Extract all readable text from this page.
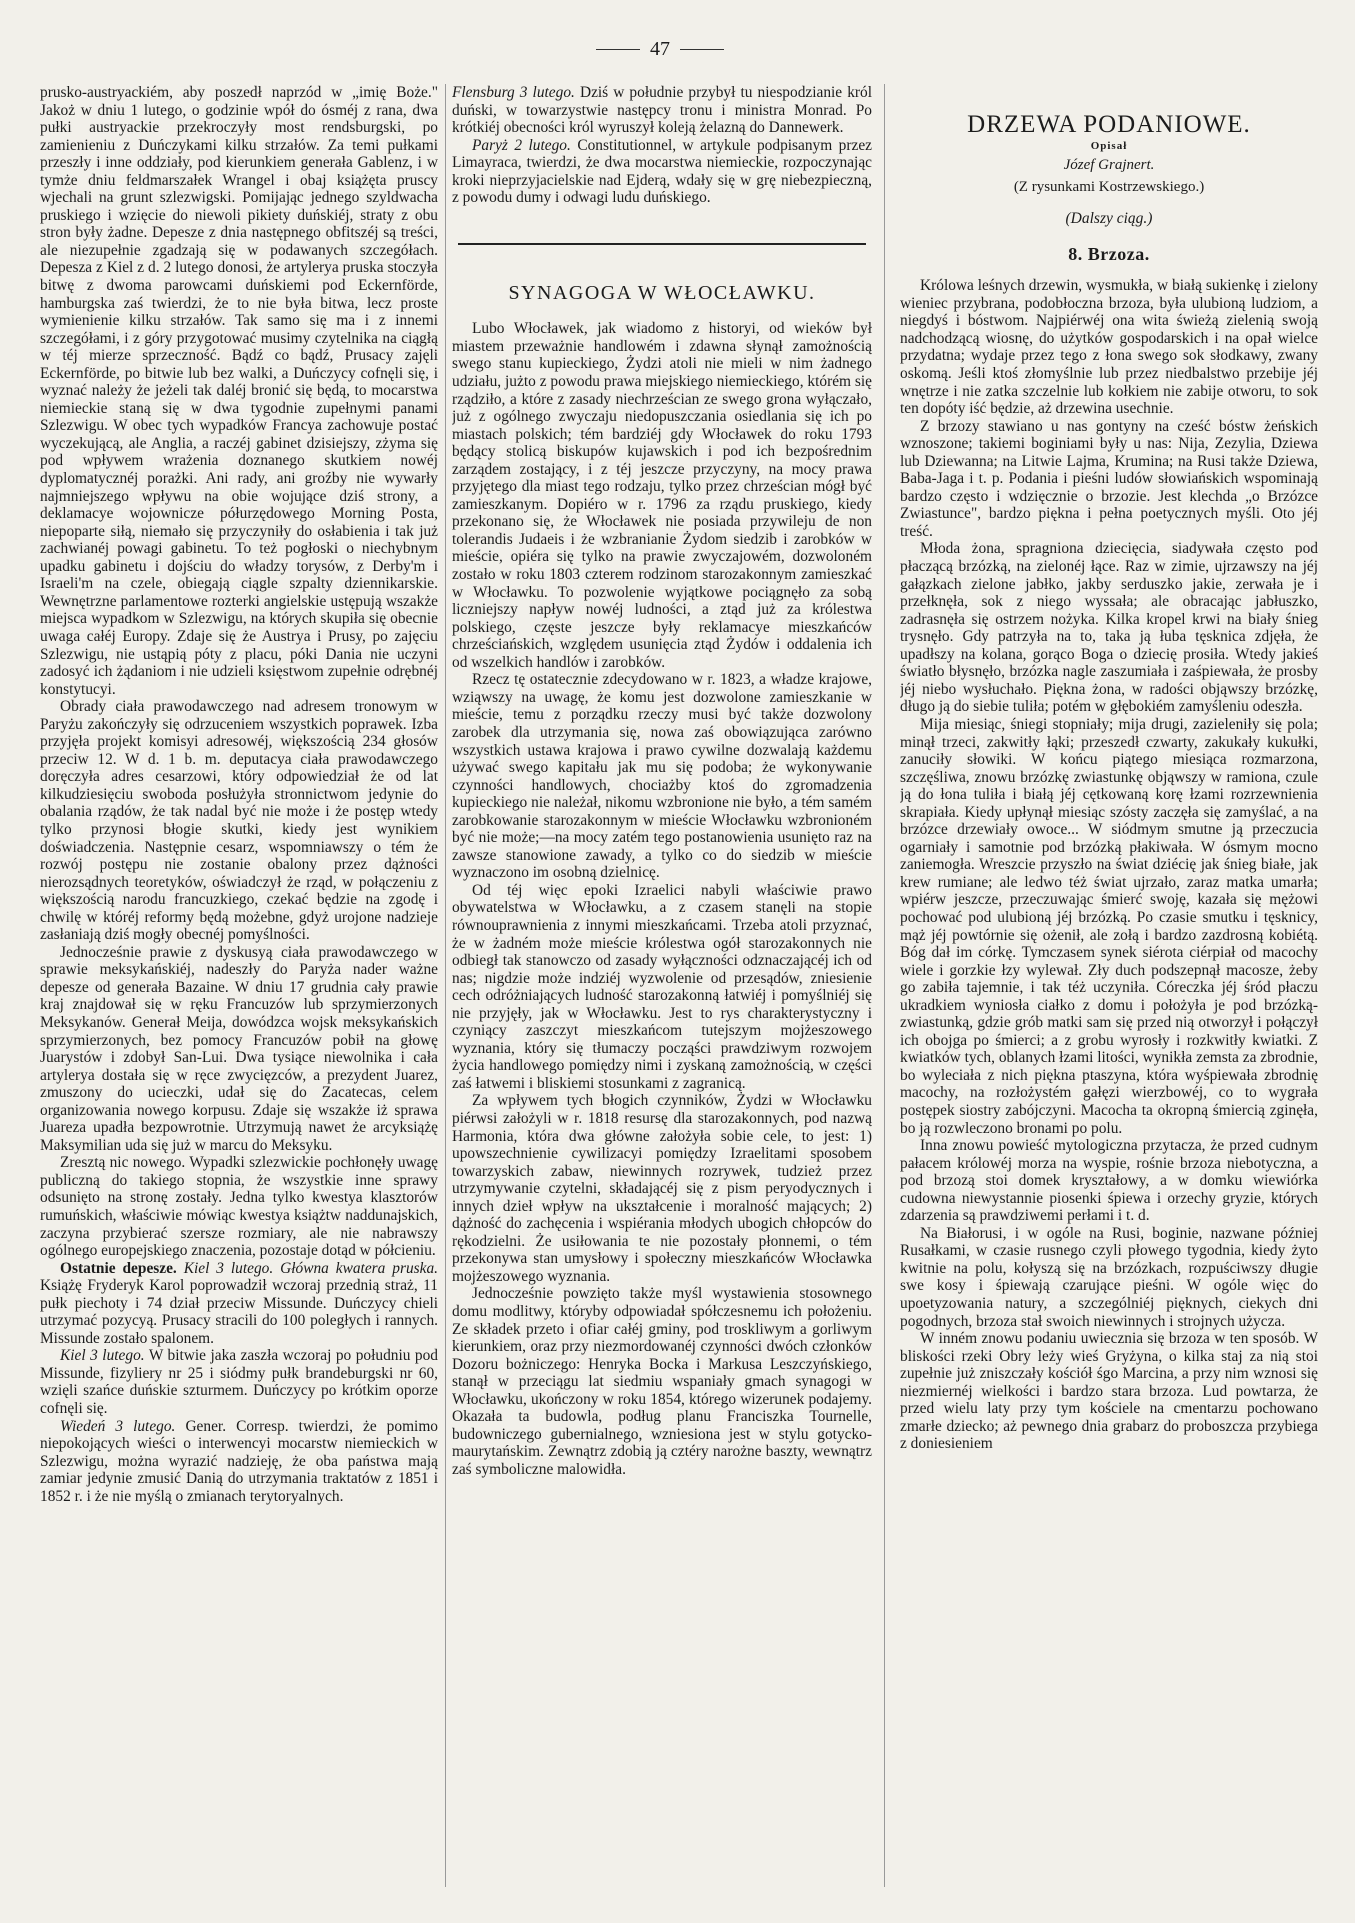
47

prusko-austryackiém, aby poszedł naprzód w „imię Boże." Jakoż w dniu 1 lutego, o godzinie wpół do ósméj z rana, dwa pułki austryackie przekroczyły most rendsburgski, po zamienieniu z Duńczykami kilku strzałów. Za temi pułkami przeszły i inne oddziały, pod kierunkiem generała Gablenz, i w tymże dniu feldmarszałek Wrangel i obaj książęta pruscy wjechali na grunt szlezwigski. Pomijając jednego szyldwacha pruskiego i wzięcie do niewoli pikiety duńskiéj, straty z obu stron były żadne. Depesze z dnia następnego obfitszéj są treści, ale niezupełnie zgadzają się w podawanych szczegółach. Depesza z Kiel z d. 2 lutego donosi, że artylerya pruska stoczyła bitwę z dwoma parowcami duńskiemi pod Eckernförde, hamburgska zaś twierdzi, że to nie była bitwa, lecz proste wymienienie kilku strzałów. Tak samo się ma i z innemi szczegółami, i z góry przygotować musimy czytelnika na ciągłą w téj mierze sprzeczność. Bądź co bądź, Prusacy zajęli Eckernförde, po bitwie lub bez walki, a Duńczycy cofnęli się, i wyznać należy że jeżeli tak daléj bronić się będą, to mocarstwa niemieckie staną się w dwa tygodnie zupełnymi panami Szlezwigu. W obec tych wypadków Francya zachowuje postać wyczekującą, ale Anglia, a raczéj gabinet dzisiejszy, zżyma się pod wpływem wrażenia doznanego skutkiem nowéj dyplomatycznéj porażki. Ani rady, ani groźby nie wywarły najmniejszego wpływu na obie wojujące dziś strony, a deklamacye wojownicze półurzędowego Morning Posta, niepoparte siłą, niemało się przyczyniły do osłabienia i tak już zachwianéj powagi gabinetu. To też pogłoski o niechybnym upadku gabinetu i dojściu do władzy torysów, z Derby'm i Israeli'm na czele, obiegają ciągle szpalty dziennikarskie. Wewnętrzne parlamentowe rozterki angielskie ustępują wszakże miejsca wypadkom w Szlezwigu, na których skupiła się obecnie uwaga całéj Europy. Zdaje się że Austrya i Prusy, po zajęciu Szlezwigu, nie ustąpią póty z placu, póki Dania nie uczyni zadosyć ich żądaniom i nie udzieli księstwom zupełnie odrębnéj konstytucyi.

Obrady ciała prawodawczego nad adresem tronowym w Paryżu zakończyły się odrzuceniem wszystkich poprawek. Izba przyjęła projekt komisyi adresowéj, większością 234 głosów przeciw 12. W d. 1 b. m. deputacya ciała prawodawczego doręczyła adres cesarzowi, który odpowiedział że od lat kilkudziesięciu swoboda posłużyła stronnictwom jedynie do obalania rządów, że tak nadal być nie może i że postęp wtedy tylko przynosi błogie skutki, kiedy jest wynikiem doświadczenia. Następnie cesarz, wspomniawszy o tém że rozwój postępu nie zostanie obalony przez dążności nierozsądnych teoretyków, oświadczył że rząd, w połączeniu z większością narodu francuzkiego, czekać będzie na zgodę i chwilę w któréj reformy będą możebne, gdyż urojone nadzieje zasłaniają dziś mogły obecnéj pomyślności.

Jednocześnie prawie z dyskusyą ciała prawodawczego w sprawie meksykańskiéj, nadeszły do Paryża nader ważne depesze od generała Bazaine. W dniu 17 grudnia cały prawie kraj znajdował się w ręku Francuzów lub sprzymierzonych Meksykanów. Generał Meija, dowódzca wojsk meksykańskich sprzymierzonych, bez pomocy Francuzów pobił na głowę Juarystów i zdobył San-Lui. Dwa tysiące niewolnika i cała artylerya dostała się w ręce zwycięzców, a prezydent Juarez, zmuszony do ucieczki, udał się do Zacatecas, celem organizowania nowego korpusu. Zdaje się wszakże iż sprawa Juareza upadła bezpowrotnie. Utrzymują nawet że arcyksiążę Maksymilian uda się już w marcu do Meksyku.

Zresztą nic nowego. Wypadki szlezwickie pochłonęły uwagę publiczną do takiego stopnia, że wszystkie inne sprawy odsunięto na stronę zostały. Jedna tylko kwestya klasztorów rumuńskich, właściwie mówiąc kwestya książtw naddunajskich, zaczyna przybierać szersze rozmiary, ale nie nabrawszy ogólnego europejskiego znaczenia, pozostaje dotąd w półcieniu.

Ostatnie depesze. Kiel 3 lutego. Główna kwatera pruska. Książę Fryderyk Karol poprowadził wczoraj przednią straż, 11 pułk piechoty i 74 dział przeciw Missunde. Duńczycy chieli utrzymać pozycyą. Prusacy stracili do 100 poległych i rannych. Missunde zostało spalonem.

Kiel 3 lutego. W bitwie jaka zaszła wczoraj po południu pod Missunde, fizyliery nr 25 i siódmy pułk brandeburgski nr 60, wzięli szańce duńskie szturmem. Duńczycy po krótkim oporze cofnęli się.

Wiedeń 3 lutego. Gener. Corresp. twierdzi, że pomimo niepokojących wieści o interwencyi mocarstw niemieckich w Szlezwigu, można wyrazić nadzieję, że oba państwa mają zamiar jedynie zmusić Danią do utrzymania traktatów z 1851 i 1852 r. i że nie myślą o zmianach terytoryalnych.

Flensburg 3 lutego. Dziś w południe przybył tu niespodzianie król duński, w towarzystwie następcy tronu i ministra Monrad. Po krótkiéj obecności król wyruszył koleją żelazną do Dannewerk.

Paryż 2 lutego. Constitutionnel, w artykule podpisanym przez Limayraca, twierdzi, że dwa mocarstwa niemieckie, rozpoczynając kroki nieprzyjacielskie nad Ejderą, wdały się w grę niebezpieczną, z powodu dumy i odwagi ludu duńskiego.

SYNAGOGA W WŁOCŁAWKU.

Lubo Włocławek, jak wiadomo z historyi, od wieków był miastem przeważnie handlowém i zdawna słynął zamożnością swego stanu kupieckiego, Żydzi atoli nie mieli w nim żadnego udziału, jużto z powodu prawa miejskiego niemieckiego, którém się rządziło, a które z zasady niechrześcian ze swego grona wyłączało, już z ogólnego zwyczaju niedopuszczania osiedlania się ich po miastach polskich; tém bardziéj gdy Włocławek do roku 1793 będący stolicą biskupów kujawskich i pod ich bezpośrednim zarządem zostający, i z téj jeszcze przyczyny, na mocy prawa przyjętego dla miast tego rodzaju, tylko przez chrześcian mógł być zamieszkanym. Dopiéro w r. 1796 za rządu pruskiego, kiedy przekonano się, że Włocławek nie posiada przywileju de non tolerandis Judaeis i że wzbranianie Żydom siedzib i zarobków w mieście, opiéra się tylko na prawie zwyczajowém, dozwoloném zostało w roku 1803 czterem rodzinom starozakonnym zamieszkać w Włocławku. To pozwolenie wyjątkowe pociągnęło za sobą liczniejszy napływ nowéj ludności, a ztąd już za królestwa polskiego, częste jeszcze były reklamacye mieszkańców chrześciańskich, względem usunięcia ztąd Żydów i oddalenia ich od wszelkich handlów i zarobków.

Rzecz tę ostatecznie zdecydowano w r. 1823, a władze krajowe, wziąwszy na uwagę, że komu jest dozwolone zamieszkanie w mieście, temu z porządku rzeczy musi być także dozwolony zarobek dla utrzymania się, nowa zaś obowiązująca zarówno wszystkich ustawa krajowa i prawo cywilne dozwalają każdemu używać swego kapitału jak mu się podoba; że wykonywanie czynności handlowych, chociażby ktoś do zgromadzenia kupieckiego nie należał, nikomu wzbronione nie było, a tém samém zarobkowanie starozakonnym w mieście Włocławku wzbronioném być nie może;—na mocy zatém tego postanowienia usunięto raz na zawsze stanowione zawady, a tylko co do siedzib w mieście wyznaczono im osobną dzielnicę.

Od téj więc epoki Izraelici nabyli właściwie prawo obywatelstwa w Włocławku, a z czasem stanęli na stopie równouprawnienia z innymi mieszkańcami. Trzeba atoli przyznać, że w żadném może mieście królestwa ogół starozakonnych nie odbiegł tak stanowczo od zasady wyłączności odznaczającéj ich od nas; nigdzie może indziéj wyzwolenie od przesądów, zniesienie cech odróżniających ludność starozakonną łatwiéj i pomyślniéj się nie przyjęły, jak w Włocławku. Jest to rys charakterystyczny i czyniący zaszczyt mieszkańcom tutejszym mojżeszowego wyznania, który się tłumaczy począści prawdziwym rozwojem życia handlowego pomiędzy nimi i zyskaną zamożnością, w części zaś łatwemi i bliskiemi stosunkami z zagranicą.

Za wpływem tych błogich czynników, Żydzi w Włocławku piérwsi założyli w r. 1818 resursę dla starozakonnych, pod nazwą Harmonia, która dwa główne założyła sobie cele, to jest: 1) upowszechnienie cywilizacyi pomiędzy Izraelitami sposobem towarzyskich zabaw, niewinnych rozrywek, tudzież przez utrzymywanie czytelni, składającéj się z pism peryodycznych i innych dzieł wpływ na ukształcenie i moralność mających; 2) dążność do zachęcenia i wspiérania młodych ubogich chłopców do rękodzielni. Że usiłowania te nie pozostały płonnemi, o tém przekonywa stan umysłowy i społeczny mieszkańców Włocławka mojżeszowego wyznania.

Jednocześnie powzięto także myśl wystawienia stosownego domu modlitwy, któryby odpowiadał spółczesnemu ich położeniu. Ze składek przeto i ofiar całéj gminy, pod troskliwym a gorliwym kierunkiem, oraz przy niezmordowanéj czynności dwóch członków Dozoru bożniczego: Henryka Bocka i Markusa Leszczyńskiego, stanął w przeciągu lat siedmiu wspaniały gmach synagogi w Włocławku, ukończony w roku 1854, którego wizerunek podajemy. Okazała ta budowla, podług planu Franciszka Tournelle, budowniczego gubernialnego, wzniesiona jest w stylu gotycko-maurytańskim. Zewnątrz zdobią ją cztéry narożne baszty, wewnątrz zaś symboliczne malowidła.

DRZEWA PODANIOWE.
Opisał
Józef Grajnert.
(Z rysunkami Kostrzewskiego.)
(Dalszy ciąg.)
8. Brzoza.

Królowa leśnych drzewin, wysmukła, w białą sukienkę i zielony wieniec przybrana, podobłoczna brzoza, była ulubioną ludziom, a niegdyś i bóstwom. Najpiérwéj ona wita świeżą zielenią swoją nadchodzącą wiosnę, do użytków gospodarskich i na opał wielce przydatna; wydaje przez tego z łona swego sok słodkawy, zwany oskomą. Jeśli ktoś złomyślnie lub przez niedbalstwo przebije jéj wnętrze i nie zatka szczelnie lub kołkiem nie zabije otworu, to sok ten dopóty iść będzie, aż drzewina usechnie.

Z brzozy stawiano u nas gontyny na cześć bóstw żeńskich wznoszone; takiemi boginiami były u nas: Nija, Zezylia, Dziewa lub Dziewanna; na Litwie Lajma, Krumina; na Rusi także Dziewa, Baba-Jaga i t. p. Podania i pieśni ludów słowiańskich wspominają bardzo często i wdzięcznie o brzozie. Jest klechda „o Brzózce Zwiastunce", bardzo piękna i pełna poetycznych myśli. Oto jéj treść.

Młoda żona, spragniona dziecięcia, siadywała często pod płaczącą brzózką, na zielonéj łące. Raz w zimie, ujrzawszy na jéj gałązkach zielone jabłko, jakby serduszko jakie, zerwała je i przełknęła, sok z niego wyssała; ale obracając jabłuszko, zadrasnęła się ostrzem nożyka. Kilka kropel krwi na biały śnieg trysnęło. Gdy patrzyła na to, taka ją łuba tęsknica zdjęła, że upadłszy na kolana, gorąco Boga o dziecię prosiła. Wtedy jakieś światło błysnęło, brzózka nagle zaszumiała i zaśpiewała, że prosby jéj niebo wysłuchało. Piękna żona, w radości objąwszy brzózkę, długo ją do siebie tuliła; potém w głębokiém zamyśleniu odeszła.

Mija miesiąc, śniegi stopniały; mija drugi, zazieleniły się pola; minął trzeci, zakwitły łąki; przeszedł czwarty, zakukały kukułki, zanuciły słowiki. W końcu piątego miesiąca rozmarzona, szczęśliwa, znowu brzózkę zwiastunkę objąwszy w ramiona, czule ją do łona tuliła i białą jéj cętkowaną korę łzami rozrzewnienia skrapiała. Kiedy upłynął miesiąc szósty zaczęła się zamyślać, a na brzózce drzewiały owoce... W siódmym smutne ją przeczucia ogarniały i samotnie pod brzózką płakiwała. W ósmym mocno zaniemogła. Wreszcie przyszło na świat dziécię jak śnieg białe, jak krew rumiane; ale ledwo téż świat ujrzało, zaraz matka umarła; wpiérw jeszcze, przeczuwając śmierć swoję, kazała się mężowi pochować pod ulubioną jéj brzózką. Po czasie smutku i tęsknicy, mąż jéj powtórnie się ożenił, ale zołą i bardzo zazdrosną kobiétą. Bóg dał im córkę. Tymczasem synek siérota ciérpiał od macochy wiele i gorzkie łzy wylewał. Zły duch podszepnął macosze, żeby go zabiła tajemnie, i tak téż uczyniła. Córeczka jéj śród płaczu ukradkiem wyniosła ciałko z domu i położyła je pod brzózką-zwiastunką, gdzie grób matki sam się przed nią otworzył i połączył ich obojga po śmierci; a z grobu wyrosły i rozkwitły kwiatki. Z kwiatków tych, oblanych łzami litości, wynikła zemsta za zbrodnie, bo wyleciała z nich piękna ptaszyna, która wyśpiewała zbrodnię macochy, na rozłożystém gałęzi wierzbowéj, co to wygrała postępek siostry zabójczyni. Macocha ta okropną śmiercią zginęła, bo ją rozwleczono bronami po polu.

Inna znowu powieść mytologiczna przytacza, że przed cudnym pałacem królowéj morza na wyspie, rośnie brzoza niebotyczna, a pod brzozą stoi domek kryształowy, a w domku wiewiórka cudowna niewystannie piosenki śpiewa i orzechy gryzie, których zdarzenia są prawdziwemi perłami i t. d.

Na Białorusi, i w ogóle na Rusi, boginie, nazwane później Rusałkami, w czasie rusnego czyli płowego tygodnia, kiedy żyto kwitnie na polu, kołyszą się na brzózkach, rozpuściwszy długie swe kosy i śpiewają czarujące pieśni. W ogóle więc do upoetyzowania natury, a szczególniéj pięknych, ciekych dni pogodnych, brzoza stał swoich niewinnych i strojnych użycza.

W inném znowu podaniu uwiecznia się brzoza w ten sposób. W bliskości rzeki Obry leży wieś Gryżyna, o kilka staj za nią stoi zupełnie już zniszczały kościół śgo Marcina, a przy nim wznosi się niezmiernéj wielkości i bardzo stara brzoza. Lud powtarza, że przed wielu laty przy tym kościele na cmentarzu pochowano zmarłe dziecko; aż pewnego dnia grabarz do proboszcza przybiega z doniesieniem
